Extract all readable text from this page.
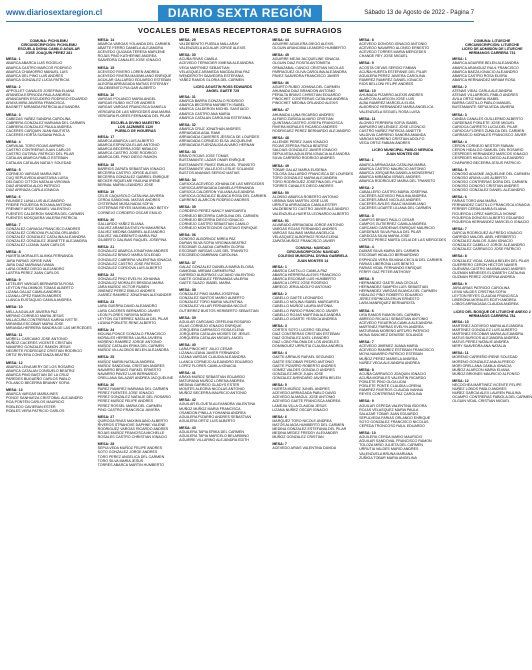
www.diariosextaregion.cl	DIARIO SEXTA REGIÓN	Sábado 13 de Agosto de 2022 - Página 7
VOCALES DE MESAS RECEPTORAS DE SUFRAGIOS
COMUNA: PICHILEMU
CIRCUNSCRIPCIÓN: PICHILEMU
ESCUELA DIGNA CAMILO AGUILAR
JOSÉ JOAQUÍN PÉREZ 281
MESA: 1
ABARCA ABARCA LUIS ROGELIO
ABARCA CASTRO MARCOS RODRIGO
ABARCA CHAMORRO MANUEL LUIS
ABARCA DEL PINO LUIS ANDRES
ABARCA GONZALEZ LUCIA PATRICIA
MESA: 2
APPOLLET CANALES JOSEFINA ELIANA
ARANEDA ESPINOZA PAULA ANDREA
ARANGUREN ESCUDERO RODRIGO EDUARDO
ARAYA MIRA JAVIERA FRANCISCA
BAGNETT MIRANDA PATRICIA ALEXANDRA
MESA: 3
CABEZAS YAÑEZ SANDRA CAROLINA
CABRERA GONZALEZ MARIANA DEL CARMEN
CABRERA GONZALEZ PAULA ANDREA
CACERES CARQUIN JUAN BAUTISTA
CACERES HORTA SUSANA PAOLA
MESA: 4
CARVAJAL TORO ROJAS AMPARO
CASTRO CONTRERAS JUAN CARLOS
CASTRO GUTIRAL PATRICIO DEL PILAR
CATALAN ABARCA PABLO ESTEBAN
CATALAN CATALAN NATALY SOLEDAD
MESA: 5
CORNEJO VARGAS MARIA INES
CUQ SEPULVEDA ANASTASIA LUISA
DELGADO CITTON NATALIA VIRGINIA
DIAZ ARANEDA ALDO PATRICIO
DIAZ ARRIAZA CARLA IGNACIA
MESA: 6
FAUNDEZ LUNA LUIS ALEJANDRO
FREIRE FIGUEROA ROXANA ANTONIA
FRENNEY ARCE SAMUEL VALENTINO
FUENTES CALDERON SANDRA DEL CARMEN
FUENTES MOSQUERA VALERIA PATRICIA
MESA: 7
GONZALEZ CARIAGA FRANCISCO ANDRES
GONZALEZ CORDOVA PLACIDA ORLANDO
GONZALEZ GONZALEZ CATALINA ALEJANDRA
GONZALEZ GONZALEZ JEANETTE ALEJANDRA
GONZALEZ LIZANA JUAN CARLOS
MESA: 8
HUERTA MORALES ALINKA FERNANDA
JARA FARIAS JORGE IVAN
JARA DIAZ MARIANA IVANIA
LARA GOMEZ DIEGO ALEJANDRO
LASTRA PEREZ JUAN CARLOS
MESA: 9
LETELIER VARGAS BERNARDITA ROSA
LEYTON PALOMINOS TOMAS ALBERTO
LIZANA GALAZ CAMILA ANDREA
LIZANA LOPEZ RAMON ANDRES
LLANCA EUSTAQUIO CAMILA ANDREA
MESA: 10
MELLA AGUILAR JAVIERA PAZ
MERINO CORNEJO MARIA JESUS
MILLACURA CONTRERAS KARINA IVETTE
MIRANDA ESCOBAR MARIA JOSE
MIRANDA HERRERA SANDRA DE LAS MERCEDES
MESA: 11
MORELL CARCAMO JOSE ANTONIO
MUÑOZ CACERES VICENTE CRISTIAN
NAVARRO GONZALEZ RAMON JESUS
NEGRETE RODRIGUEZ CRISTIAN RODRIGO
ORTIZ RIVERA CONSTANZA BEATRIZ
MESA: 12
ABARCA LEIVA MERY DE LOS ROSARIO
ABARCA CATALAN CONSUELO BEATRIZ
ABARCA PINO BASTIAN DE LA CRUZ
PAREDES BUGUEÑO CARLOS PABLO
POLANCO BECERRA BRANNY SOFIA
MESA: 13
ABARCA VARGAS MARIA INES
PONCE SANHUEZA CRISTOBAL ALEJANDRO
ROA PONTEN CARLOS MAURICIO
ROBLEDO CAVIERAN ESTER
ROBLES VERA PATRICIO CARLOS
MESA: 14
ABARCA VARGAS YOLANDA DEL CARMEN
ABATTE FERRO DANIELA ALEJANDRA
ACEVEDO QUIJADA TERESA MARLENE
ROJAS PINO KATHERINE ANDREA
SAAVEDRA CANALES JOSE IGNACIO
MESA: 15
ACEVEDO RIVERO LOREN ANDREA
ACEVEDO RIVERA MAXIMILIANO ENRIQUE
AGUILAR GALLARDO EDUARDO ESTEBAN
ALEGRIA ARRIAGADA MATIAS ESTEFANY
VALDEBENITO PULGAR ALBERTO
MESA: 16
VARGAS POLANCO MARIA ANGEL
VARGAS RUBIO VICTOR ANDRES
VARGAS VARGAS FRANCISCA DANIELA
VERGARA DE LAS MERCEDES ANA MARIA
VERGARA FLORES FERNANDA DEL PILAR
ESCUELA DIVINO MAESTRO
LOS JAZMINES 1120
PUEBLO DE HIGUERAS
MESA: 17
ABARCA ABARCA LUIS ALBERTO
ABARCA ESPINOZA ELIAS ANTONIO
ABARCA BECERRA JOSE NIBALDO
ABARCA CASTRO JOSE RODRIGO
ABARCA DEL PINO DIEGO RAMON
MESA: 18
BARRIOS ZAPATA SEBASTIAN IGNACIO
BECERRA CASTRO JORGE ALEXIS
BECERRA GONZALEZ GABRIEL ENRIQUE
BECKER RIQUELME PAULINA IRENE
BERNAL MARIN LEANDRO JOSE
MESA: 19
CELIS CAQUISOLO CATALINA JAVIERA
CERDA SANDOVAL MATIAS ANDRES
CISTERNAS MUSA NADIA SOFIA
CISTERNAS REYES MAXIMILIANO BETSY
CORNEJO CORDERO OSCAR EMILIO
MESA: 20
GALLARDO YAÑEZ ELIANA
GALVEZ ARANEDA EVELYN MAKARENA
GALVEZ MEDINA GABRIEL ALEJANDRO
GALVEZ VALDEBENITO MARIA PAZ
GILBERTO GALINAS RAQUEL JOSEFINA
MESA: 21
GONZALEZ ABARCA JONATHAN ANDRES
GONZALEZ BRAVO MARIA SOLEDAD
GONZALEZ CABRERA VALENTINA IGNACIA
GONZALEZ CASTRO JOSE PATRICIO
GONZALEZ CORDOVA LUIS ALBERTO
MESA: 22
GONZALEZ PINO EVELYN JOHANNA
GONZALEZ MORALES BRIGIDA MARIA
JARA MUÑOZ VICTOR RUBEN
JIMENEZ PEREZ EMILIO ANDRES
JUAREZ RAMIREZ JONATHAN ALEXANDER
MESA: 23
LARA GUERRA DAVID ALEJANDRO
LARA CACERES BERNARDO JAVIER
LEON FLORES YARIXSA NOEMI
LEYTON GUTIERREZ NATALIA DEL PILAR
LIZANA POBLETE RENE ALBERTO
MESA: 24
MOLINA PONCE GONZALO FRANCISCO
MORALES HERRERA LAURA JAVIERA
MORENO RAMIREZ JORGE ANTONIO
MUÑOZ CATALAN ERIKA DEL CARMEN
MUÑOZ VILLALOBOS BELEN ALEJANDRA
MESA: 25
MUÑOZ MARIN NATALIA ANDREA
MUÑOZ SANDOVAL CRISTIAN ANDRES
NAVARRO BRAVO RAFAEL ERNESTO
NAVARRO PAVEZ LUIS BERNARDO
ORELLANA SALAZAR ANDREA JACQUELINE
MESA: 26
PAREZ RAMIREZ MARIANA DEL CARMEN
PEREZ FUENTES JOSE IGNACIO
PEREZ GONZALEZ NATALIE DEL ROSARIO
PEREZ MUÑOZ FELIPE ANDRES
PEREZ ROSSEL MARIA DEL CARMEN
PINO CASTRO FRANCISCA JAVIERA
MESA: 27
QUIROGA RIVAS MAXIMILIANO ALBERTO
RIVEROS STRAHOVE DAPHNE YALENE
RODRIGUEZ VARGAS RICARDO ANDRES
ROJAS MUÑOZ FRANCISCA MICHELLE
ROSALES CASTRO CHRISTIAN IGNACIO
MESA: 28
SEPULVEDA MUÑOZ FELIPE ANDRES
SOTO GONZALEZ JORGE ANDRES
TORO PEREZ ANGELICA DEL CARMEN
TORO SILVA MARIA JESUS
TORRES ABARCA MARTIN HUMBERTO
MESA: 29
VALDEBENITO PUEBLA MALLARAY
VALENZUELA AGUILAR JORGE ALEXIS
MESA: 30
ACUÑA RIVAS CAMILA
ACEVEDO TERNICIER XIMENA ALEJANDRA
VEGA MARTINEZ SEBASTIAN
VELASQUEZ ARANEDA MAGDALENA PAZ
WENDEROTH SAAVEDRA ESTEFANIA
YAÑEZ RAMOS GLORIA DEL CARMEN
LICEO AGUSTIN ROSS EDWARDS
ANGEL GAETE 725
MESA: 31
ABARCA BARRA GONZALO RODRIGO
ABARCA BECERRA MARIBETH ISABEL
ABARCA CALDERON MICHEL SANTIAGO
ABARCA CASTRO ANA MARIA
ABARCA CATALAN CAROLINA ESTEFANIA
MESA: 32
ABARCA CRUZ JONATHAN ANDRES
ARRIAGADA ASAL RAMI
ARRIAGADA CAVIERES JESSICA DE LOURDES
ARRIAGADA CORNEJO ELSA JACQUELINE
ARRIAGADA FUENZALIDA ALVARO HERNAN
MESA: 33
BRAVO ROJAS JOSE TOMAS
BUSTAMANTE LAZAR OMAR ENRIQUE
BUSTAMANTE PAVEZ EMILIA DEL TRANSITO
BUSTAMANTE VALLEJOS LESLIE SOLANGE
BUSTOS ANANIAS SERGIO MATIAS
MESA: 34
CARIOCA ACEVEDO JOHANA DE LAS MERCEDES
CARIOCA ARRIAGADA DANIELA FERNANDA
CARIOCA CALDERON YULIANA ALEJANDRA
CARIOCA GONZALEZ BLANCA ROSA DEL CARMEN
CARRENO ALARCON RODRIGO ANDRES
MESA: 35
CORDERO PEREZ NANCY MARGARITA
CORNEJO BECERRA CAROLINA DEL CARMEN
CORNEJO BECERRA DIEGO IGNACIO
CORNEJO CASTRO SEBASTIAN CAMILO
CORNEJO MONTECINOS GUSTAVO ENRIQUE
MESA: 36
DONOSO ALBORNOZ MIREA PAZ
DURAN SILVA SOFIA VIRGINIA BEATRIZ
ESCOBAR CLAUDIA CARMEN GLORIA
ESCOBAR VARGAS LUIS DEL TRANSITO
ESCOBEDO DIMBRANI CAROLINA
MESA: 37
GALAZ GONZALEZ DANIELA MARIA ELOISA
GAMONAL MIRIAM CARMEN PAZ
GARRIDO ALBORNOZ LUCIANO VALENTINO
GAETE GONZALEZ FERNANDA VALERIA
GAETE SUAZO ISABEL MARIA
MESA: 38
GONZALEZ PINO MARIA JOSEFINA
GONZALEZ SANTOS MARIO ALBERTO
GONZALEZ TORO MARIA VALENTINA
GONZALEZ VILLAR FERNANDA NICOLE
GUTIERREZ BUSTOS HERIBERTO SEBASTIAN
MESA: 39
AGUILAR CARCAMO ORFELINA ROSARIO
ISLAS CORNEJO IGNACIO ENRIQUE
JORQUERA CARRASCO ROSA ELENA
JORQUERA CATALAN MOISES DE JESUS
JORQUERA CATALAN MIGUEL ANGEL
MESA: 40
LARA PINOCHET JULIO CESAR
LIZANA LIZANA JAVIER FERNANDO
LIZANA VARGAS CLAUDIA ALEJANDRA
LLANCA CORNEJO ALEJANDRO EDUARDO
LOPEZ FLORES CAMILA IGNACIA
MESA: 41
ARAYA MUÑOZ SEBASTIAN EDUARDO
MATURANA MUÑOZ LORENA ANDREA
MEDINA GARRIDO GLADYS ESTER
MONTES ALEGRIA NICOLAS ANTONIO
MUÑOZ BECERRA MAURICIO ANTONIO
MESA: 42
AGUILAR ELGUETA ALEXANDRA VALENTINA
MUÑOZ MUÑOZ MARIA FRANCISCA
OSANDON PINILLA YOHANNA ANDREA
AGUILERA PIZARRO ANDRES SEBASTIAN
AGUILERA ORTIZ LUIS ALBERTO
MESA: 43
AGUILERA TAPIA ERIKA DEL CARMEN
AGUILERA TAPIA MARCELO BELARMINO
AGUIRRE VILLARINO ALEJANDRA EDITH
MESA: 44
AGUIRRE AGUILERA DIEGO ALEXIS
OLGUIN ARANCIBIA LEANDRO HUMBERTO
MESA: 45
AGUIRRE MEJIA JACQUELINE IGNACIA
OLGUIN DIAZ ROSITA ANTONIETA
ORMAZABAL CANCIO CRISTIAN NICOLAS
PARRAGUEZ OLIVA CAROLINA ALEJANDRA
PAVEZ SAAVEDRA FRANCISCO JAVIER
MESA: 46
AGURTO RUBIO JOHANA DEL CARMEN
AHUMADA DIAZ BRANDON ANTONIO
PERALTA BRAVO CHRISTIAN EDUARDO
PINOCHET CONTRERAS CATALINA ANDREA
PINOCHET MEDINA ORLANDO ALEXIS
MESA: 47
AHUMADA LUNA RICARDO ANDRES
ALFARO ZUÑIGA ALVARO CRISTIAN
QUINTANA CASTRO JOSEFA FRANCISCA
RIVERA MORALES RICARDO ANDRES
RODRIGUEZ PEREZ BERNARDO ALEJANDRO
MESA: 48
ALLENDE PEREZ JUAN IGNACIO
ROJAS ZEPEDA PAOLA BEATRIZ
SALDIAS GONZALEZ JAVIER IGNACIO
SEPULVEDA AGUILERA IGNACIA ALEJANDRA
SILVA CARREÑO RODRIGO ANDRES
MESA: 49
TOBAR GALAZ MARIA EUGENIA
TOLOSA GALLARDO FRANCISCA DE LOURDES
TORO GONZALEZ MARIA ALEJANDRA
TORO RODRIGUEZ JOSEFINA DEL PILAR
TORRES CANALES DIEGO ANDRES
MESA: 50
ALONSO ABARCA ROBERTO ANTONIO
URBINA SAN MARTIN JOSE LUIS
URRUTIA ARRIAGADA CAMILA ESTER
VALDEBENITO CASTRO JAVIER ALEJANDRO
VALENZUELA HUERTA LEONARDO ALBERTO
MESA: 51
ALVARADO ARRIAGADA JORGE ANTONIO
VARGAS ROJAS FERNANDO ANDRES
VARGAS SALINAS MARIA ANGELICA
VELASQUEZ ALBORNOZ ROSA ELENA
ZAPATA MUÑOZ FRANCISCO JAVIER
COMUNA: NAVIDAD
CIRCUNSCRIPCIÓN: NAVIDAD
COLEGIO MUNICIPAL DIVINA GABRIELA
JUAN MONTES 14
MESA: 1
ABARCA CASTILLO CAMILA PAZ
ABARCA HERRERA ALEXIS FRANCISCO
ABARCA ESCOBAR LUIS HUMBERTO
ABARCA LOPEZ JOSE RODRIGO
ABREGO JERIA ADOLFO ANTONIO
MESA: 2
CABELLO GAETE LEONARDO
CABELLO MOLINA ISABEL MARGARITA
CABELLO MUÑOZ LAURA ANTONIA
CABELLO PARDO FRANCISCO JAVIER
CABELLO ROJAS MARTINA ALEJANDRA
CABELLO UGARTE YESSICA ANDREA
MESA: 3
CORTES SOTO LUCERO SELENA
DIAZ CONTRERAS CRISTIAN ESTEBAN
DIAZ GONZALEZ AXEL LEANDRO
DIAZ LOBO PALOMA DE LOS ANGELES
DOMINGUEZ URRUTIA CLAUDIA ANDREA
MESA: 4
GAETE ARRAUS RAFAEL SEGUNDO
GAETE ESCOBAR PEDRO ANTONIO
GAETE PIZARRO ROBERTO ANDRES
GOMEZ VALDES GONZALO ANDRES
GONZALEZ ARCE JUAN JOSE
GONZALEZ AVENDAÑO JAVIERA BELEN
MESA: 5
HUERTA MUÑOZ JUNIEL ANDRES
ACEVEDO ARRIAGADA PABLO DAVID
ACEVEDO ALMAGUL JOSE ANTONIO
ACEVEDO GAETE FRANCISCA ANDREA
LAMEJIA VILLA CLAUDIA JESUS
LIZANA NUÑEZ OSCAR IGNACIO
MESA: 6
MARQUEZ TORO NICOLE ANDREA
MATOS ALIAGA HUMBERTO DEL CARMEN
MEDINA GONZALEZ ESTEFANIA DEL PILAR
MEDINA MEDEZ FREDDY ALEXANDER
MUÑOZ GONZALEZ CRISTIAN
MESA: 7
ACEVEDO ARIAS VALENTINA DAVIDA
MESA: 8
ACEVEDO DONOSO IGNACIO ANTONIO
ACEVEDO NAVARRO ALONSO ERNESTO
ACEVEDO TORRES MARIA MERCEDES
CHANDE REY JOSE MIGUEL
MESA: 9
ACOSTA CIEVAS SERGIO FABIAN
ACUÑA HUERTA ESTEFANIE DEL PILAR
AGUILERA PEREZ JAVIERA CAROLINA
RAMIREZ RAMIREZ DANIEL IGNACIO
RIOS BELLONI FELIPE ANDRES
MESA: 10
AHUMADA PIZARRO ALEXIS ANDRES
ALARCON ALARCON JOSE LUIS
ALBA RAMIREZ MARCELA ELISA
ALBORNOZ HERNANDEZ MARIA ANGELICA
VALENZUELA SEGUEL ROSA LUISA
MESA: 11
ALONSO FERREIRA SOFIA ISABEL
AMPUERO MELENDEZ JOSE LEONCIO
CASTRO NUÑEZ PATRICIA JANETTE
VALDIVIA CARRENO SANDRA AMANDA
VARGAS MORENO CRISTIAN ADOLFO
VEGA ORTIZ FABIAN ANDRES
LICEO MUNICIPAL PABLO NERUDA
JUAN MONTES 650
MESA: 1
ABARCA ARRIAGADA CATALINA MARIA
ABARCA CASTRO MAURICIO ANTONIO
ABARCA JORQUERA DANIELA MONSERRAT
ABARCA MIRANDA ISRAEL ANDRES
ABARCA RODRIGUEZ MARIA DEL TRANSITO
MESA: 2
CABALLERO CASTRO MARIA JOSEFINA
CACERES ACEVEDO PAULINA ANDREA
CACERES ARIAS NICOLAS ANDRES
CACERES AVILES ISAAC MAXIMILIANO
CACERES UGARTE LILIANA DEL CARMEN
MESA: 3
CAMPOS BRAVO PAULO CESAR
CAMPOS GUTIERREZ CAMILA ANDREA
CARCAMO CARDENAS ENRIQUE MAURICIO
CARDENAS SILVA PAULA DEL PILAR
CARDOZA SILVA MARIA JOSE
CORTEZ PEREZ MARTA CELIA DE LAS MERCEDES
MESA: 4
DUMAS SILVA MARIA DEL CARMEN
ESCOBAR HIDALGO BERNARDINO
ESPINOZA VERA SILVANA CECILIA DEL CARMEN
FARIAS LIBERONA LUIS BENITO
FARIAS VIDAL FERNANDO ENRIQUE
FERRY GAZ PETER ANTHONY
MESA: 5
HERNANDEZ GAETE ANA CECILIA
HERNANDEZ SAMPEN LUIS SEBASTIAN
HERNANDEZ VARGAS BLANCA DEL CARMEN
HIDALGO PINO ROBERTO EDUARDO
JEREZ ESPINOZA ERLIN ERNESTO
LARA MANRIQUEZ BERNARDITA
MESA: 6
LIRA RAMOS RAMON DEL CARMEN
ABREGO RICAGLI SEBASTIAN ANTONIO
ACEVEDO FIGUEROA CAMILA ALEJANDRA
MARTINEZ PARRAS EVELYN ANDREA
MATURANA MORENO ARTURO PATRICIO
MONA SANCHEZ DENISSE SOLANGE
MESA: 7
ACEVEDO JIMENEZ JUANA MARIA
ACEVEDO RAMIREZ ESTEBAN FRANCISCO
MOYA NAVARRO PATRICIO ESTEBAN
MUÑOZ PEREZ MARIELA ANDREA
NUÑEZ VEGA ALEJANDRA ANDREA
MESA: 8
ACUÑA CARRASCO JOAQUIN IGNACIO
ACUÑA MORALES VALENTIN RICARDO
POBLETE PINO OLGA LIDIA
POBLETE PONTE CLAUDIA LORENA
RAMIREZ RIVEROS CLAUDIA IVANNA
REYES CONTRERAS PAZ CAROLINA
MESA: 9
AGUILAR CEPEDA VALENTINA ISIDORA
ROJAS VELASQUEZ MARIA PAULA
SALAZAR TOBAR JUAN EDUARDO
SEPULVEDA FARIAS ORLANDO ENRIQUE
SOTO GONZALEZ FRANCISCO NICOLAS
CEPEDA TRONCOSO RAUL EDUARDO
MESA: 10
AGUILERA CERDA MARIO MAURICIO
AGUILAR SANDOVAL FRANCISCO RAMON
TOLOZA MIÑO JULIETA DEL CARMEN
URRUTIA VALDES MARIO ANDRES
VALENZUELA BRUNA MARIANA
ZUÑIGA TOBAR MARIA ANGELINA
COMUNA: LITUECHE
CIRCUNSCRIPCIÓN: LITUECHE
LICEO DE ADMISIÓN DE LITUECHE
HERMANOS CARRERA 731
MESA: 1
ABARCA AGUIRRE BELEN ALEJANDRA
ABARCA ARANGUIZ RAUL FRANCISCO
ABARCA BAEZA IGNACIO ALEJANDRO
ABARCA CASTRO ROSA ELVIRA
ABARCA HERNANDEZ MIRIAM ROSA
MESA: 2
ATENAS VIDAL CARLA ALEJANDRA
ATENAS VILLARROEL PABLO ANDRES
AVILA ORTIZ MARIA ISABEL
BARRA CASTILLO PABLO MANUEL
BUSTAMANTE SEPULVEDA JAVIERA
MESA: 3
CANDIA CANALES GUILLERMO ALBERTO
CARDENAS POBLETE JOSE MIGUEL
CARIOCA CARRETO LUCIA DEL PILAR
CARIOCA FLORES ZUNILDA DEL CARMEN
CARRASCO MORALES FRANCISCO JAVIER
MESA: 4
CERON CORNEJO NESTOR FABIAN
CERON HIDALGO SAMUEL DEL ROSARIO
CESPEDES HERNANDEZ MARCOS IGNACIO
CESPEDES HIDALGO DIEGO ALEJANDRO
CHAPARRO BECERRA JESUS PATRICIO
MESA: 5
DONOSO ADASME JAQUELINE DEL CARMEN
DONOSO ARAYA LUIS ALBERTO
DONOSO CONTRERAS DORA DEL CARMEN
DONOSO DONOSO CRISTIAN ANDRES
DONOSO GONZALEZ DANIEL ALEJANDRO
MESA: 6
FARIAS TORO ANA MARIA
FERNANDEZ CASTILLO FRANCISCA IGNACIA
FERRER CERDA MARIA ELIANA
FIGUEROA LOPEZ MARCELA IVONNE
FIGUEROA DONOSO ALBERTO EDUARDO
FIGUEROA HERNANDEZ MARCELO IGNACIO
MESA: 7
GARCIA RODRIGUEZ ALFREDO IGNACIO
GARRIDO MALDEL ABEL HERIBERTO
GONZALEZ AVALOS JUAN IGNACIO
GONZALEZ CABELLO JORGE ALEJANDRO
GONZALEZ CARRASCO JOSE PATRICIO
MESA: 8
GONZALEZ VIDAL CAMILA BELEN DEL PILAR
GUERRERO CERON HECTOR NAVIER
GUEVARA CASTRO MAXIMILIANO ANDRES
GUZMAN MENESES ELIZABETH CATALINA
GUZMAN PEREZ JOSEFINA ANDREA
MESA: 9
JARA ARIAS PATRICIO CAROLINA
LEIVA VALDES CRISTINA SOFIA
LEYTON REYES CLAUDIA FRANCISCA
LIBERONA MORALES EDITH ANDREA
LOBOS ARRIAGADA CLAUDIA ANDREA
LICEO DEL BOSQUE DE LITUECHE ANEXO 2
HERMANOS CARRERA 781
MESA: 10
MARTINEZ ACEVEDO MARIA ALEJANDRA
MARTINEZ GONZALEZ LUIS ALBERTO
MARTINEZ ESCOBAR MARIA ALEJANDRA
MATUS BURGOS ALEJANDRA ANDREA
MATUS PEREZ NATALIE ANDREA
MERY SAAVEDRA ANA NATALIA
MESA: 11
MORENO CARREÑO IRENE SOLEDAD
MORENO GONZALEZ ANA ALFREDO
MORI ORELLANA CAMILA IGNACIA
MUÑOZ ALARCON MARIA ELIANA
MUÑOZ BRIONES MAURICIO ALFONSO
MESA: 12
NECOCHEA MARTINEZ VICENTE FELIPE
NUÑEZ LOBOS PABLO ANDRES
NUÑEZ GARCIA ALEX LAUREN PAULINA
OCAMPO CONTRERAS FABIOLA DEL CARMEN
OLGUIN VIDAL CRISTIAN MIGUEL
